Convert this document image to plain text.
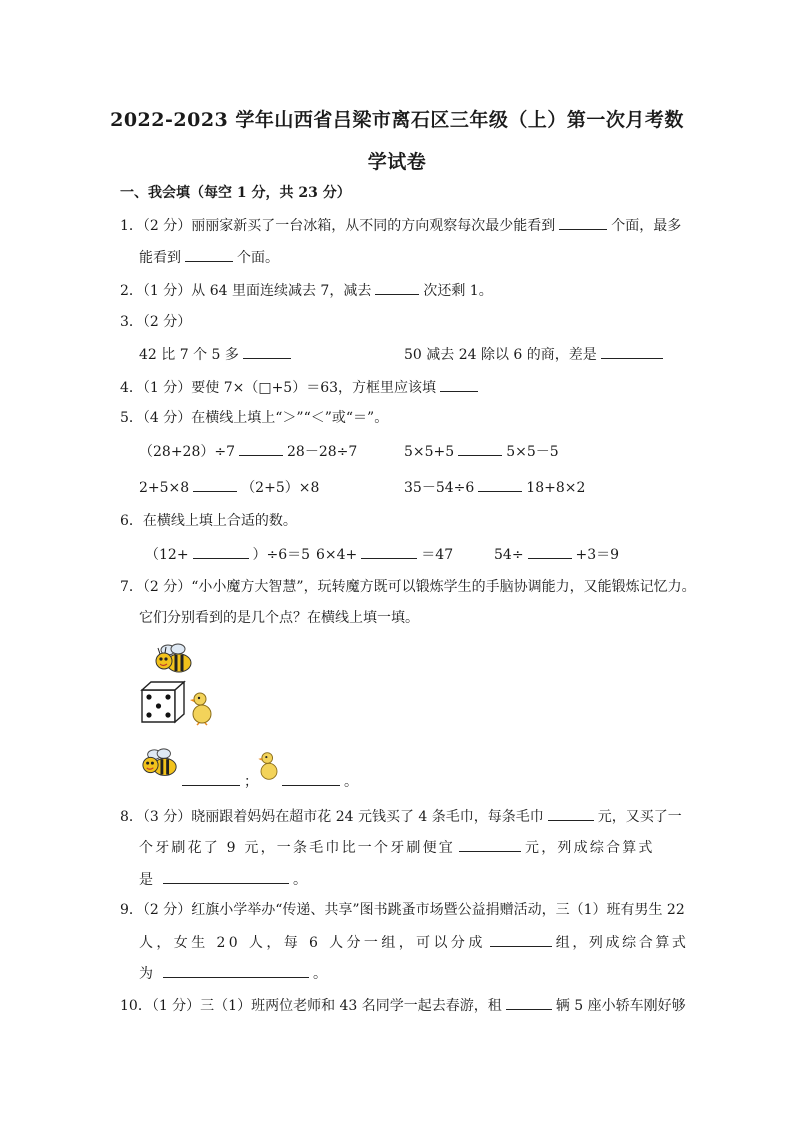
2022-2023 学年山西省吕梁市离石区三年级（上）第一次月考数
学试卷
一、我会填（每空 1 分，共 23 分）
1．（2 分）丽丽家新买了一台冰箱，从不同的方向观察每次最少能看到	个面，最多
能看到	个面。
2．（1 分）从 64 里面连续减去 7，减去	次还剩 1。
3．（2 分）
42 比 7 个 5 多	50 减去 24 除以 6 的商，差是
4．（1 分）要使 7×（□+5）＝63，方框里应该填
5．（4 分）在横线上填上“＞”“＜”或“＝”。
（28+28）÷7	28－28÷7	5×5+5	5×5－5
2+5×8	（2+5）×8	35－54÷6	18+8×2
6．在横线上填上合适的数。
（12+	）÷6＝5 6×4+	＝47	54÷	+3＝9
7．（2 分）“小小魔方大智慧”，玩转魔方既可以锻炼学生的手脑协调能力，又能锻炼记忆力。
它们分别看到的是几个点？在横线上填一填。
；	。
8．（3 分）晓丽跟着妈妈在超市花 24 元钱买了 4 条毛巾，每条毛巾	元，又买了一
个牙刷花了 9 元，一条毛巾比一个牙刷便宜	元，列成综合算式
是	。
9．（2 分）红旗小学举办“传递、共享”图书跳蚤市场暨公益捐赠活动，三（1）班有男生 22
人，女生 20 人，每 6 人分一组，可以分成	组，列成综合算式
为	。
10．（1 分）三（1）班两位老师和 43 名同学一起去春游，租	辆 5 座小轿车刚好够
